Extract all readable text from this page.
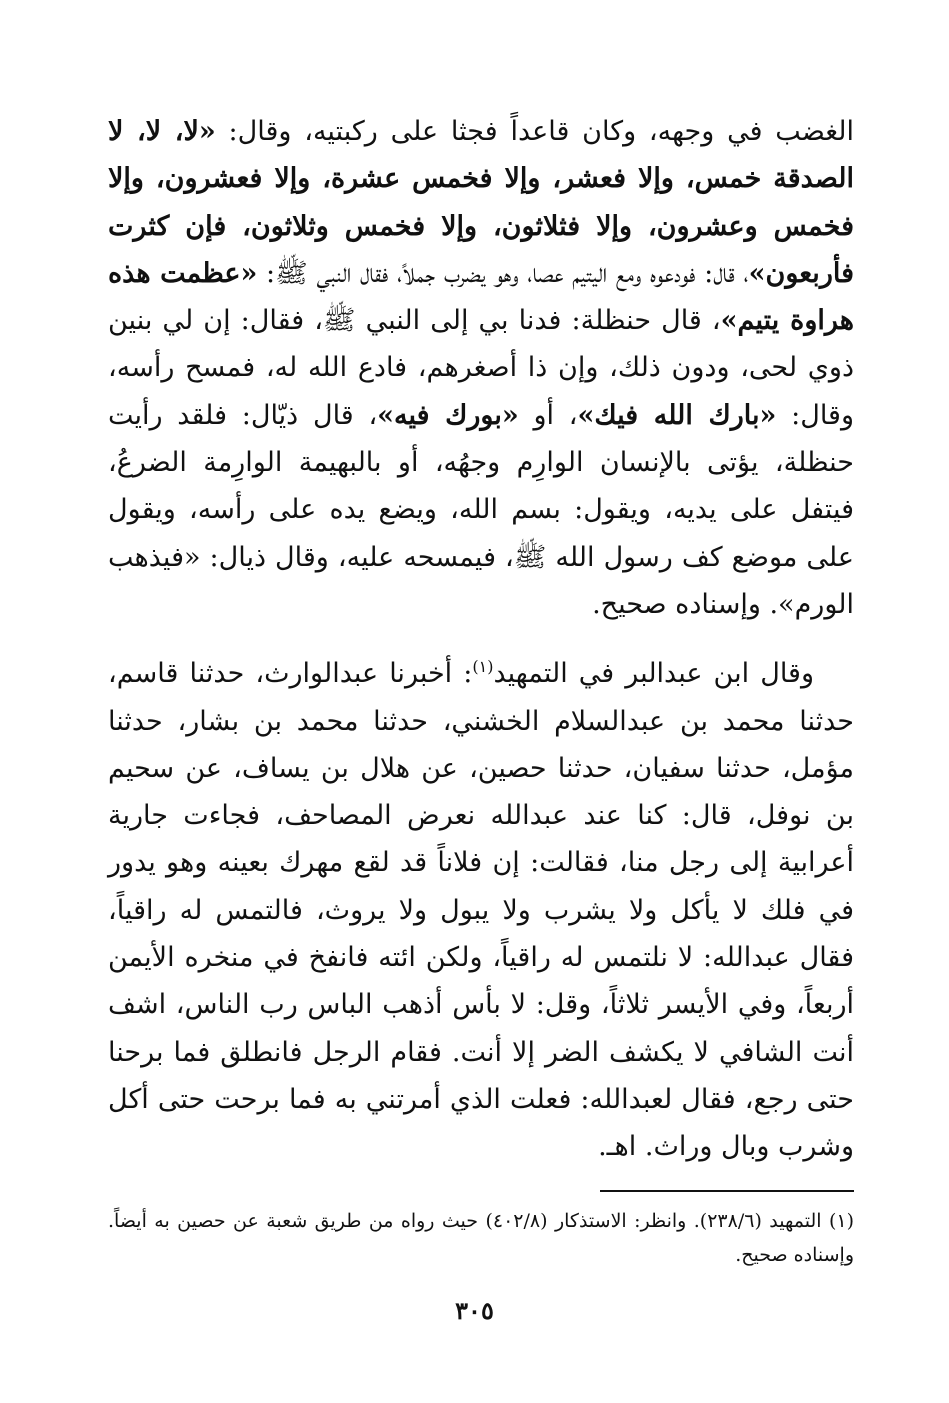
الغضب في وجهه، وكان قاعداً فجثا على ركبتيه، وقال: «لا، لا، لا الصدقة خمس، وإلا فعشر، وإلا فخمس عشرة، وإلا فعشرون، وإلا فخمس وعشرون، وإلا فثلاثون، وإلا فخمس وثلاثون، فإن كثرت فأربعون»، قال: فودعوه ومع اليتيم عصا، وهو يضرب جملاً، فقال النبي ﷺ: «عظمت هذه هراوة يتيم»، قال حنظلة: فدنا بي إلى النبي ﷺ، فقال: إن لي بنين ذوي لحى، ودون ذلك، وإن ذا أصغرهم، فادع الله له، فمسح رأسه، وقال: «بارك الله فيك»، أو «بورك فيه»، قال ذيّال: فلقد رأيت حنظلة، يؤتى بالإنسان الوارِم وجهُه، أو بالبهيمة الوارِمة الضرعُ، فيتفل على يديه، ويقول: بسم الله، ويضع يده على رأسه، ويقول على موضع كف رسول الله ﷺ، فيمسحه عليه، وقال ذيال: «فيذهب الورم». وإسناده صحيح.

وقال ابن عبدالبر في التمهيد$^{(١)}$: أخبرنا عبدالوارث، حدثنا قاسم، حدثنا محمد بن عبدالسلام الخشني، حدثنا محمد بن بشار، حدثنا مؤمل، حدثنا سفيان، حدثنا حصين، عن هلال بن يساف، عن سحيم بن نوفل، قال: كنا عند عبدالله نعرض المصاحف، فجاءت جارية أعرابية إلى رجل منا، فقالت: إن فلاناً قد لقع مهرك بعينه وهو يدور في فلك لا يأكل ولا يشرب ولا يبول ولا يروث، فالتمس له راقياً، فقال عبدالله: لا نلتمس له راقياً، ولكن ائته فانفخ في منخره الأيمن أربعاً، وفي الأيسر ثلاثاً، وقل: لا بأس أذهب الباس رب الناس، اشف أنت الشافي لا يكشف الضر إلا أنت. فقام الرجل فانطلق فما برحنا حتى رجع، فقال لعبدالله: فعلت الذي أمرتني به فما برحت حتى أكل وشرب وبال وراث. اهـ.

(١) التمهيد (٢٣٨/٦). وانظر: الاستذكار (٤٠٢/٨) حيث رواه من طريق شعبة عن حصين به أيضاً. وإسناده صحيح.
٣٠٥
